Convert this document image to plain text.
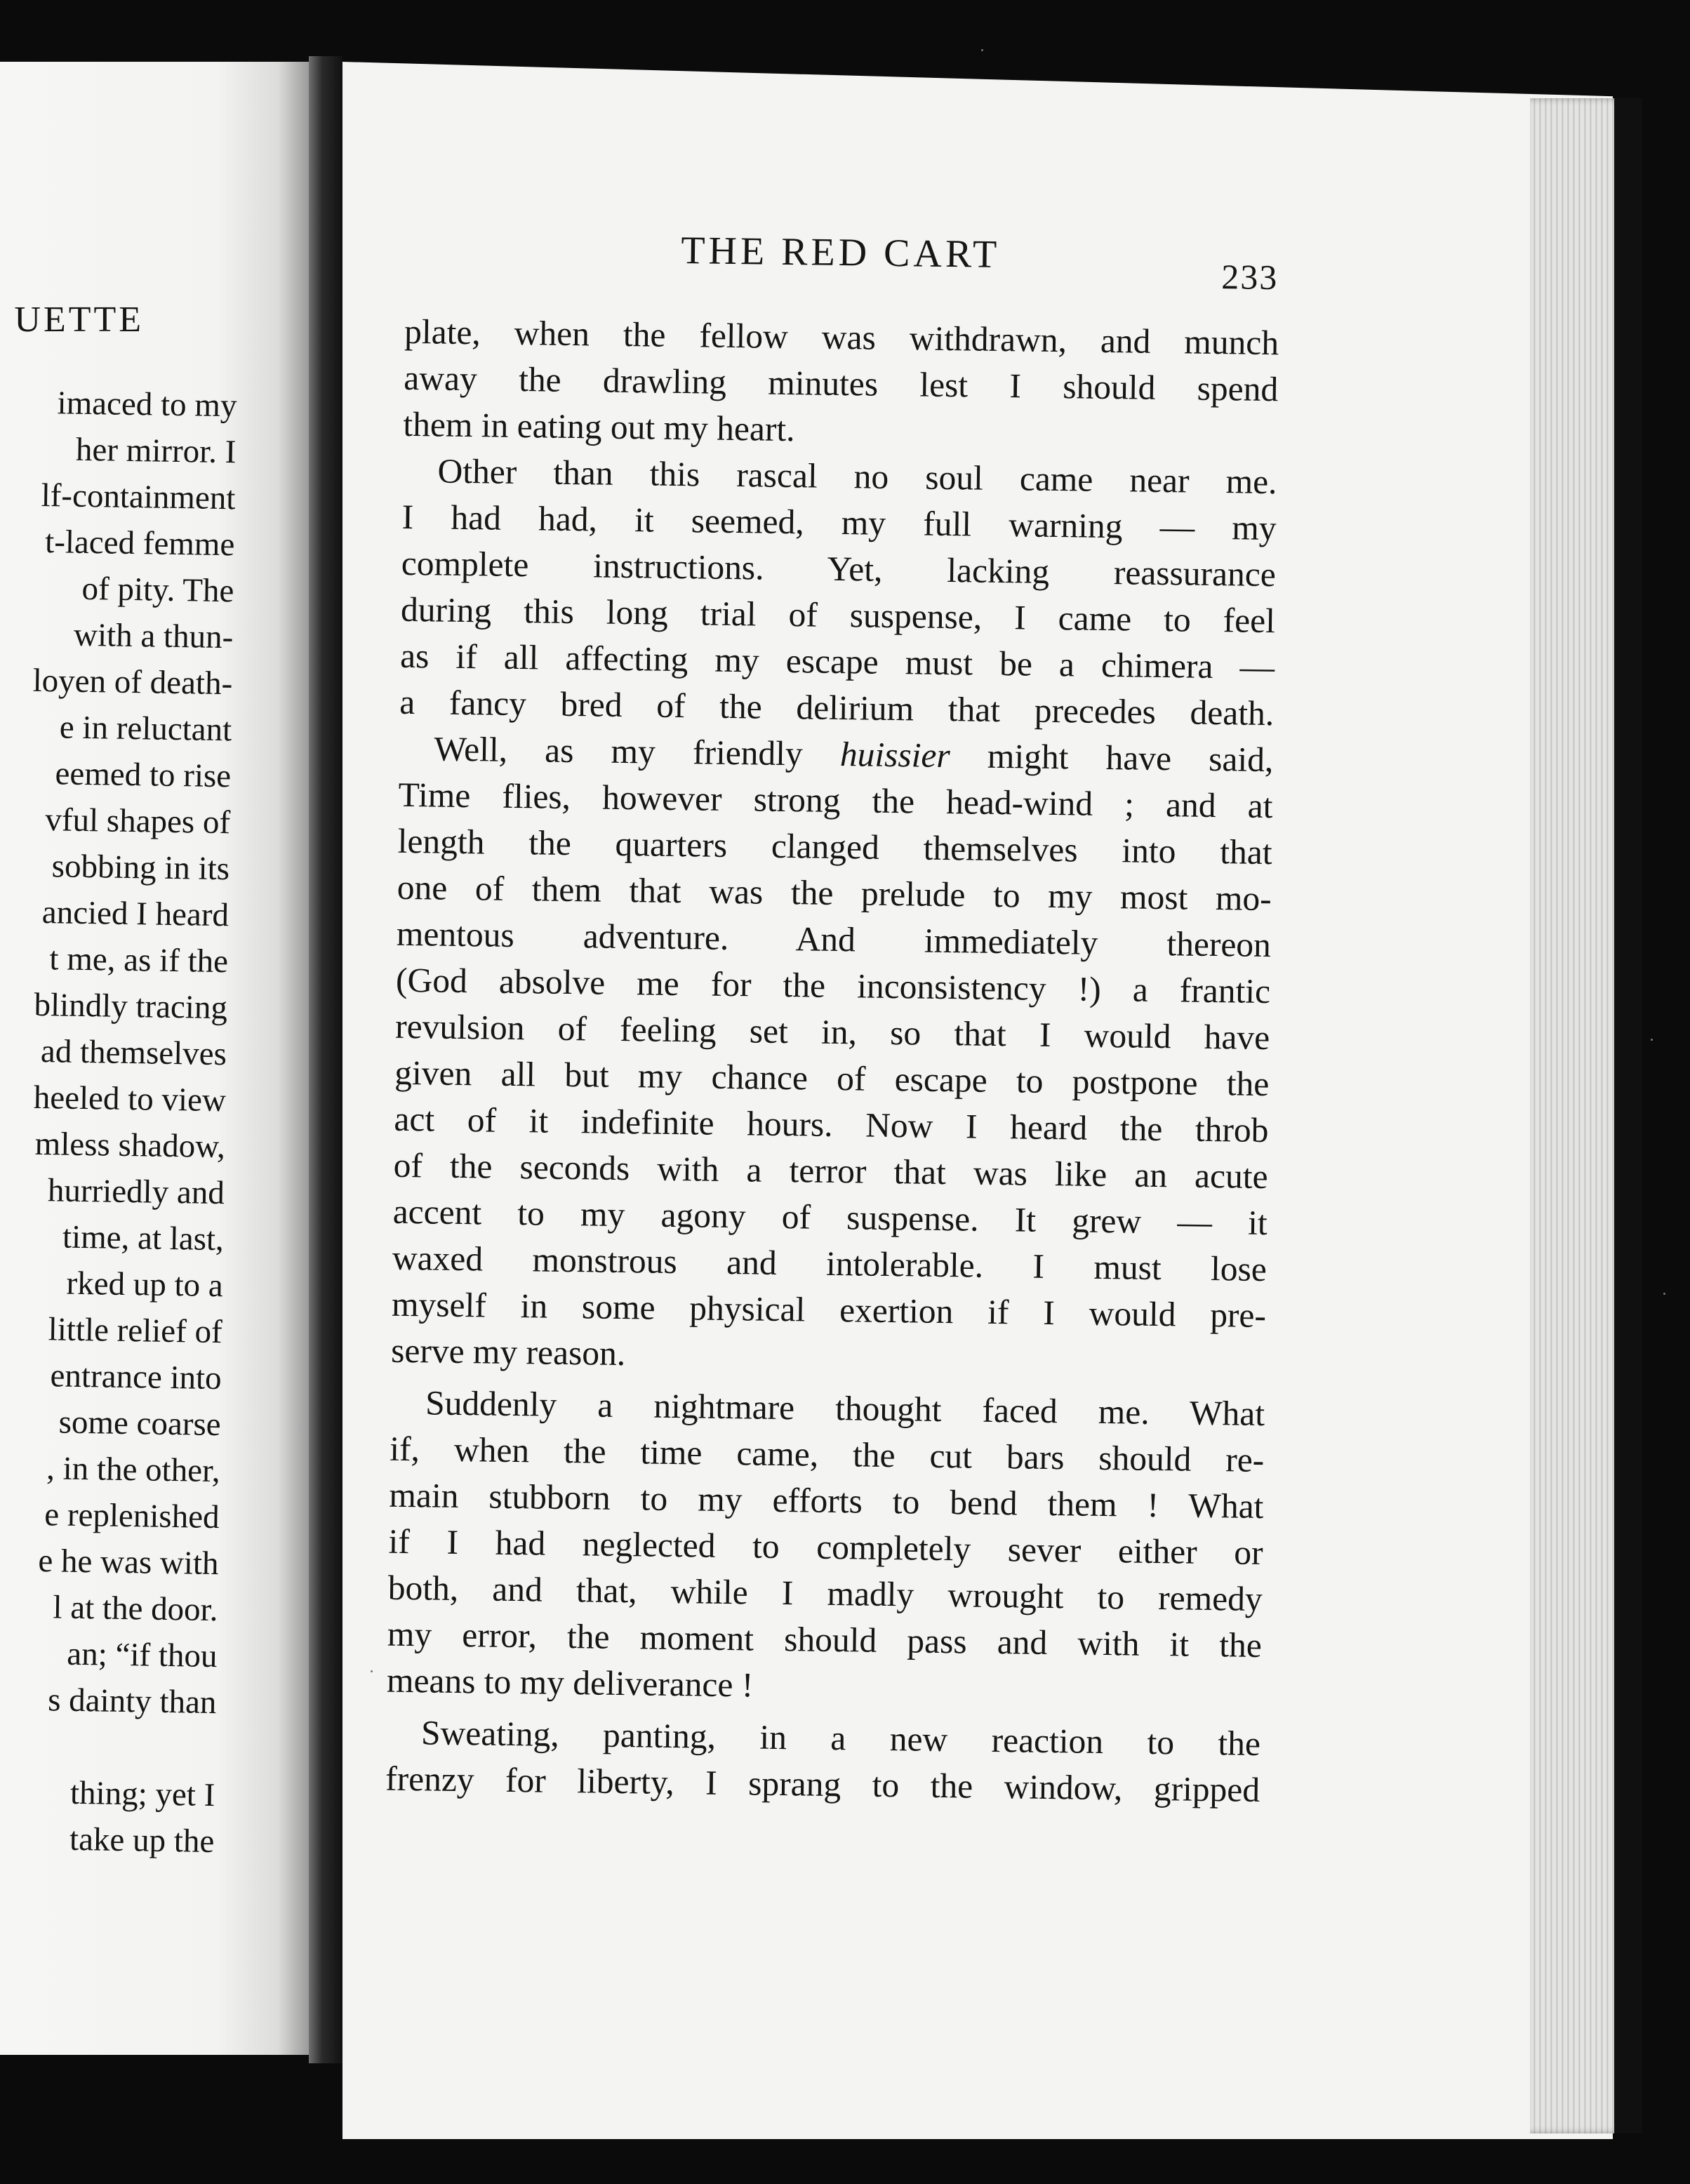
UETTE
imaced to my
her mirror. I
lf-containment
t-laced femme
of pity. The
with a thun-
loyen of death-
e in reluctant
eemed to rise
vful shapes of
sobbing in its
ancied I heard
t me, as if the
blindly tracing
ad themselves
heeled to view
mless shadow,
hurriedly and
time, at last,
rked up to a
little relief of
entrance into
some coarse
, in the other,
e replenished
e he was with
l at the door.
an; “if thou
s dainty than
thing; yet I
take up the
THE RED CART
233
plate, when the fellow was withdrawn, and munch
away the drawling minutes lest I should spend
them in eating out my heart.
Other than this rascal no soul came near me.
I had had, it seemed, my full warning — my
complete instructions. Yet, lacking reassurance
during this long trial of suspense, I came to feel
as if all affecting my escape must be a chimera —
a fancy bred of the delirium that precedes death.
Well, as my friendly huissier might have said,
Time flies, however strong the head-wind ; and at
length the quarters clanged themselves into that
one of them that was the prelude to my most mo-
mentous adventure. And immediately thereon
(God absolve me for the inconsistency !) a frantic
revulsion of feeling set in, so that I would have
given all but my chance of escape to postpone the
act of it indefinite hours. Now I heard the throb
of the seconds with a terror that was like an acute
accent to my agony of suspense. It grew — it
waxed monstrous and intolerable. I must lose
myself in some physical exertion if I would pre-
serve my reason.
Suddenly a nightmare thought faced me. What
if, when the time came, the cut bars should re-
main stubborn to my efforts to bend them ! What
if I had neglected to completely sever either or
both, and that, while I madly wrought to remedy
my error, the moment should pass and with it the
means to my deliverance !
Sweating, panting, in a new reaction to the
frenzy for liberty, I sprang to the window, gripped
